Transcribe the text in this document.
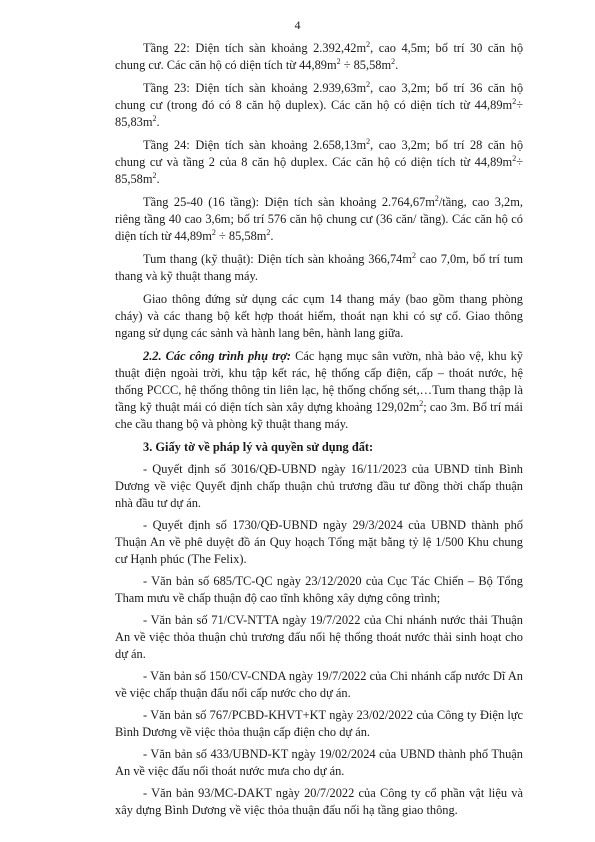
4

Tầng 22: Diện tích sàn khoảng $2.392,42m^2$, cao 4,5m; bố trí 30 căn hộ chung cư. Các căn hộ có diện tích từ $44,89m^2 \div 85,58m^2$.

Tầng 23: Diện tích sàn khoảng $2.939,63m^2$, cao 3,2m; bố trí 36 căn hộ chung cư (trong đó có 8 căn hộ duplex). Các căn hộ có diện tích từ $44,89m^2\div 85,83m^2$.

Tầng 24: Diện tích sàn khoảng $2.658,13m^2$, cao 3,2m; bố trí 28 căn hộ chung cư và tầng 2 của 8 căn hộ duplex. Các căn hộ có diện tích từ $44,89m^2\div 85,58m^2$.

Tầng 25-40 (16 tầng): Diện tích sàn khoảng $2.764,67m^2$/tầng, cao 3,2m, riêng tầng 40 cao 3,6m; bố trí 576 căn hộ chung cư (36 căn/ tầng). Các căn hộ có diện tích từ $44,89m^2 \div 85,58m^2$.

Tum thang (kỹ thuật): Diện tích sàn khoảng $366,74m^2$ cao 7,0m, bố trí tum thang và kỹ thuật thang máy.

Giao thông đứng sử dụng các cụm 14 thang máy (bao gồm thang phòng cháy) và các thang bộ kết hợp thoát hiểm, thoát nạn khi có sự cố. Giao thông ngang sử dụng các sảnh và hành lang bên, hành lang giữa.

2.2. Các công trình phụ trợ: Các hạng mục sân vườn, nhà bảo vệ, khu kỹ thuật điện ngoài trời, khu tập kết rác, hệ thống cấp điện, cấp – thoát nước, hệ thống PCCC, hệ thống thông tin liên lạc, hệ thống chống sét,…Tum thang thập là tầng kỹ thuật mái có diện tích sàn xây dựng khoảng $129,02m^2$; cao 3m. Bố trí mái che cầu thang bộ và phòng kỹ thuật thang máy.

3. Giấy tờ về pháp lý và quyền sử dụng đất:

- Quyết định số 3016/QĐ-UBND ngày 16/11/2023 của UBND tỉnh Bình Dương về việc Quyết định chấp thuận chủ trương đầu tư đồng thời chấp thuận nhà đầu tư dự án.

- Quyết định số 1730/QĐ-UBND ngày 29/3/2024 của UBND thành phố Thuận An về phê duyệt đồ án Quy hoạch Tổng mặt bằng tỷ lệ 1/500 Khu chung cư Hạnh phúc (The Felix).

- Văn bản số 685/TC-QC ngày 23/12/2020 của Cục Tác Chiến – Bộ Tổng Tham mưu về chấp thuận độ cao tĩnh không xây dựng công trình;

- Văn bản số 71/CV-NTTA ngày 19/7/2022 của Chi nhánh nước thải Thuận An về việc thỏa thuận chủ trương đấu nối hệ thống thoát nước thải sinh hoạt cho dự án.

- Văn bản số 150/CV-CNDA ngày 19/7/2022 của Chi nhánh cấp nước Dĩ An về việc chấp thuận đấu nối cấp nước cho dự án.

- Văn bản số 767/PCBD-KHVT+KT ngày 23/02/2022 của Công ty Điện lực Bình Dương về việc thỏa thuận cấp điện cho dự án.

- Văn bản số 433/UBND-KT ngày 19/02/2024 của UBND thành phố Thuận An về việc đấu nối thoát nước mưa cho dự án.

- Văn bản 93/MC-DAKT ngày 20/7/2022 của Công ty cổ phần vật liệu và xây dựng Bình Dương về việc thỏa thuận đấu nối hạ tầng giao thông.
